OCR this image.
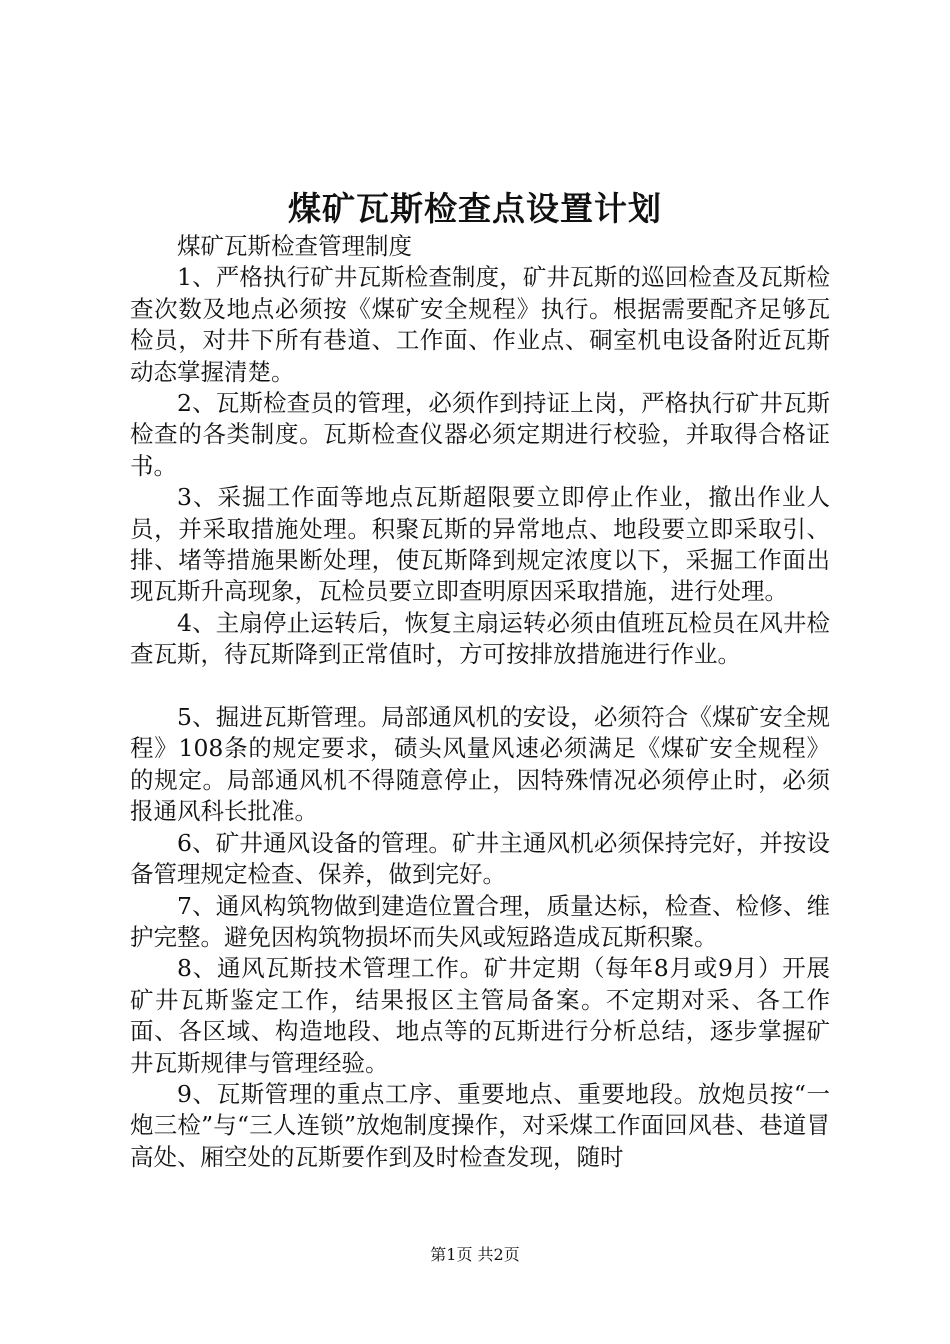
煤矿瓦斯检查点设置计划

煤矿瓦斯检查管理制度

1、严格执行矿井瓦斯检查制度，矿井瓦斯的巡回检查及瓦斯检查次数及地点必须按《煤矿安全规程》执行。根据需要配齐足够瓦检员，对井下所有巷道、工作面、作业点、硐室机电设备附近瓦斯动态掌握清楚。

2、瓦斯检查员的管理，必须作到持证上岗，严格执行矿井瓦斯检查的各类制度。瓦斯检查仪器必须定期进行校验，并取得合格证书。

3、采掘工作面等地点瓦斯超限要立即停止作业，撤出作业人员，并采取措施处理。积聚瓦斯的异常地点、地段要立即采取引、排、堵等措施果断处理，使瓦斯降到规定浓度以下，采掘工作面出现瓦斯升高现象，瓦检员要立即查明原因采取措施，进行处理。

4、主扇停止运转后，恢复主扇运转必须由值班瓦检员在风井检查瓦斯，待瓦斯降到正常值时，方可按排放措施进行作业。

5、掘进瓦斯管理。局部通风机的安设，必须符合《煤矿安全规程》108条的规定要求，碛头风量风速必须满足《煤矿安全规程》的规定。局部通风机不得随意停止，因特殊情况必须停止时，必须报通风科长批准。

6、矿井通风设备的管理。矿井主通风机必须保持完好，并按设备管理规定检查、保养，做到完好。

7、通风构筑物做到建造位置合理，质量达标，检查、检修、维护完整。避免因构筑物损坏而失风或短路造成瓦斯积聚。

8、通风瓦斯技术管理工作。矿井定期（每年8月或9月）开展矿井瓦斯鉴定工作，结果报区主管局备案。不定期对采、各工作面、各区域、构造地段、地点等的瓦斯进行分析总结，逐步掌握矿井瓦斯规律与管理经验。

9、瓦斯管理的重点工序、重要地点、重要地段。放炮员按“一炮三检”与“三人连锁”放炮制度操作，对采煤工作面回风巷、巷道冒高处、厢空处的瓦斯要作到及时检查发现，随时

第1页 共2页
